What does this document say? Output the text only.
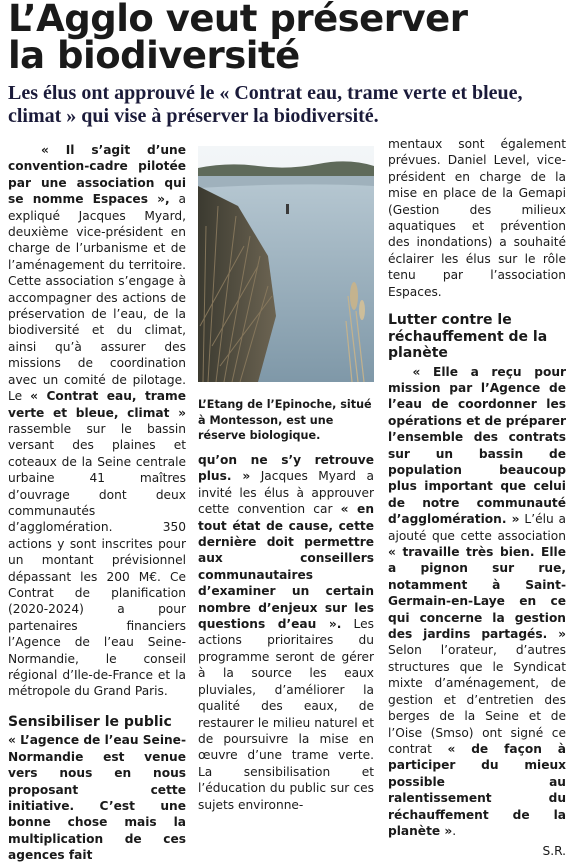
L’Agglo veut préserver
la biodiversité

Les élus ont approuvé le « Contrat eau, trame verte et bleue, climat » qui vise à préserver la biodiversité.

« Il s’agit d’une convention-cadre pilotée par une association qui se nomme Espaces », a expliqué Jacques Myard, deuxième vice-président en charge de l’urbanisme et de l’aménagement du territoire. Cette association s’engage à accompagner des actions de préservation de l’eau, de la biodiversité et du climat, ainsi qu’à assurer des missions de coordination avec un comité de pilotage. Le « Contrat eau, trame verte et bleue, climat » rassemble sur le bassin versant des plaines et coteaux de la Seine centrale urbaine 41 maîtres d’ouvrage dont deux communautés d’agglomération. 350 actions y sont inscrites pour un montant prévisionnel dépassant les 200 M€. Ce Contrat de planification (2020-2024) a pour partenaires financiers l’Agence de l’eau Seine-Normandie, le conseil régional d’Ile-de-France et la métropole du Grand Paris.

Sensibiliser le public

« L’agence de l’eau Seine-Normandie est venue vers nous en nous proposant cette initiative. C’est une bonne chose mais la multiplication de ces agences fait

L’Etang de l’Epinoche, situé à Montesson, est une réserve biologique.

qu’on ne s’y retrouve plus. » Jacques Myard a invité les élus à approuver cette convention car « en tout état de cause, cette dernière doit permettre aux conseillers communautaires d’examiner un certain nombre d’enjeux sur les questions d’eau ». Les actions prioritaires du programme seront de gérer à la source les eaux pluviales, d’améliorer la qualité des eaux, de restaurer le milieu naturel et de poursuivre la mise en œuvre d’une trame verte. La sensibilisation et l’éducation du public sur ces sujets environne-

mentaux sont également prévues. Daniel Level, vice-président en charge de la mise en place de la Gemapi (Gestion des milieux aquatiques et prévention des inondations) a souhaité éclairer les élus sur le rôle tenu par l’association Espaces.

Lutter contre le réchauffement de la planète

« Elle a reçu pour mission par l’Agence de l’eau de coordonner les opérations et de préparer l’ensemble des contrats sur un bassin de population beaucoup plus important que celui de notre communauté d’agglomération. » L’élu a ajouté que cette association « travaille très bien. Elle a pignon sur rue, notamment à Saint-Germain-en-Laye en ce qui concerne la gestion des jardins partagés. » Selon l’orateur, d’autres structures que le Syndicat mixte d’aménagement, de gestion et d’entretien des berges de la Seine et de l’Oise (Smso) ont signé ce contrat « de façon à participer du mieux possible au ralentissement du réchauffement de la planète ».

S.R.
